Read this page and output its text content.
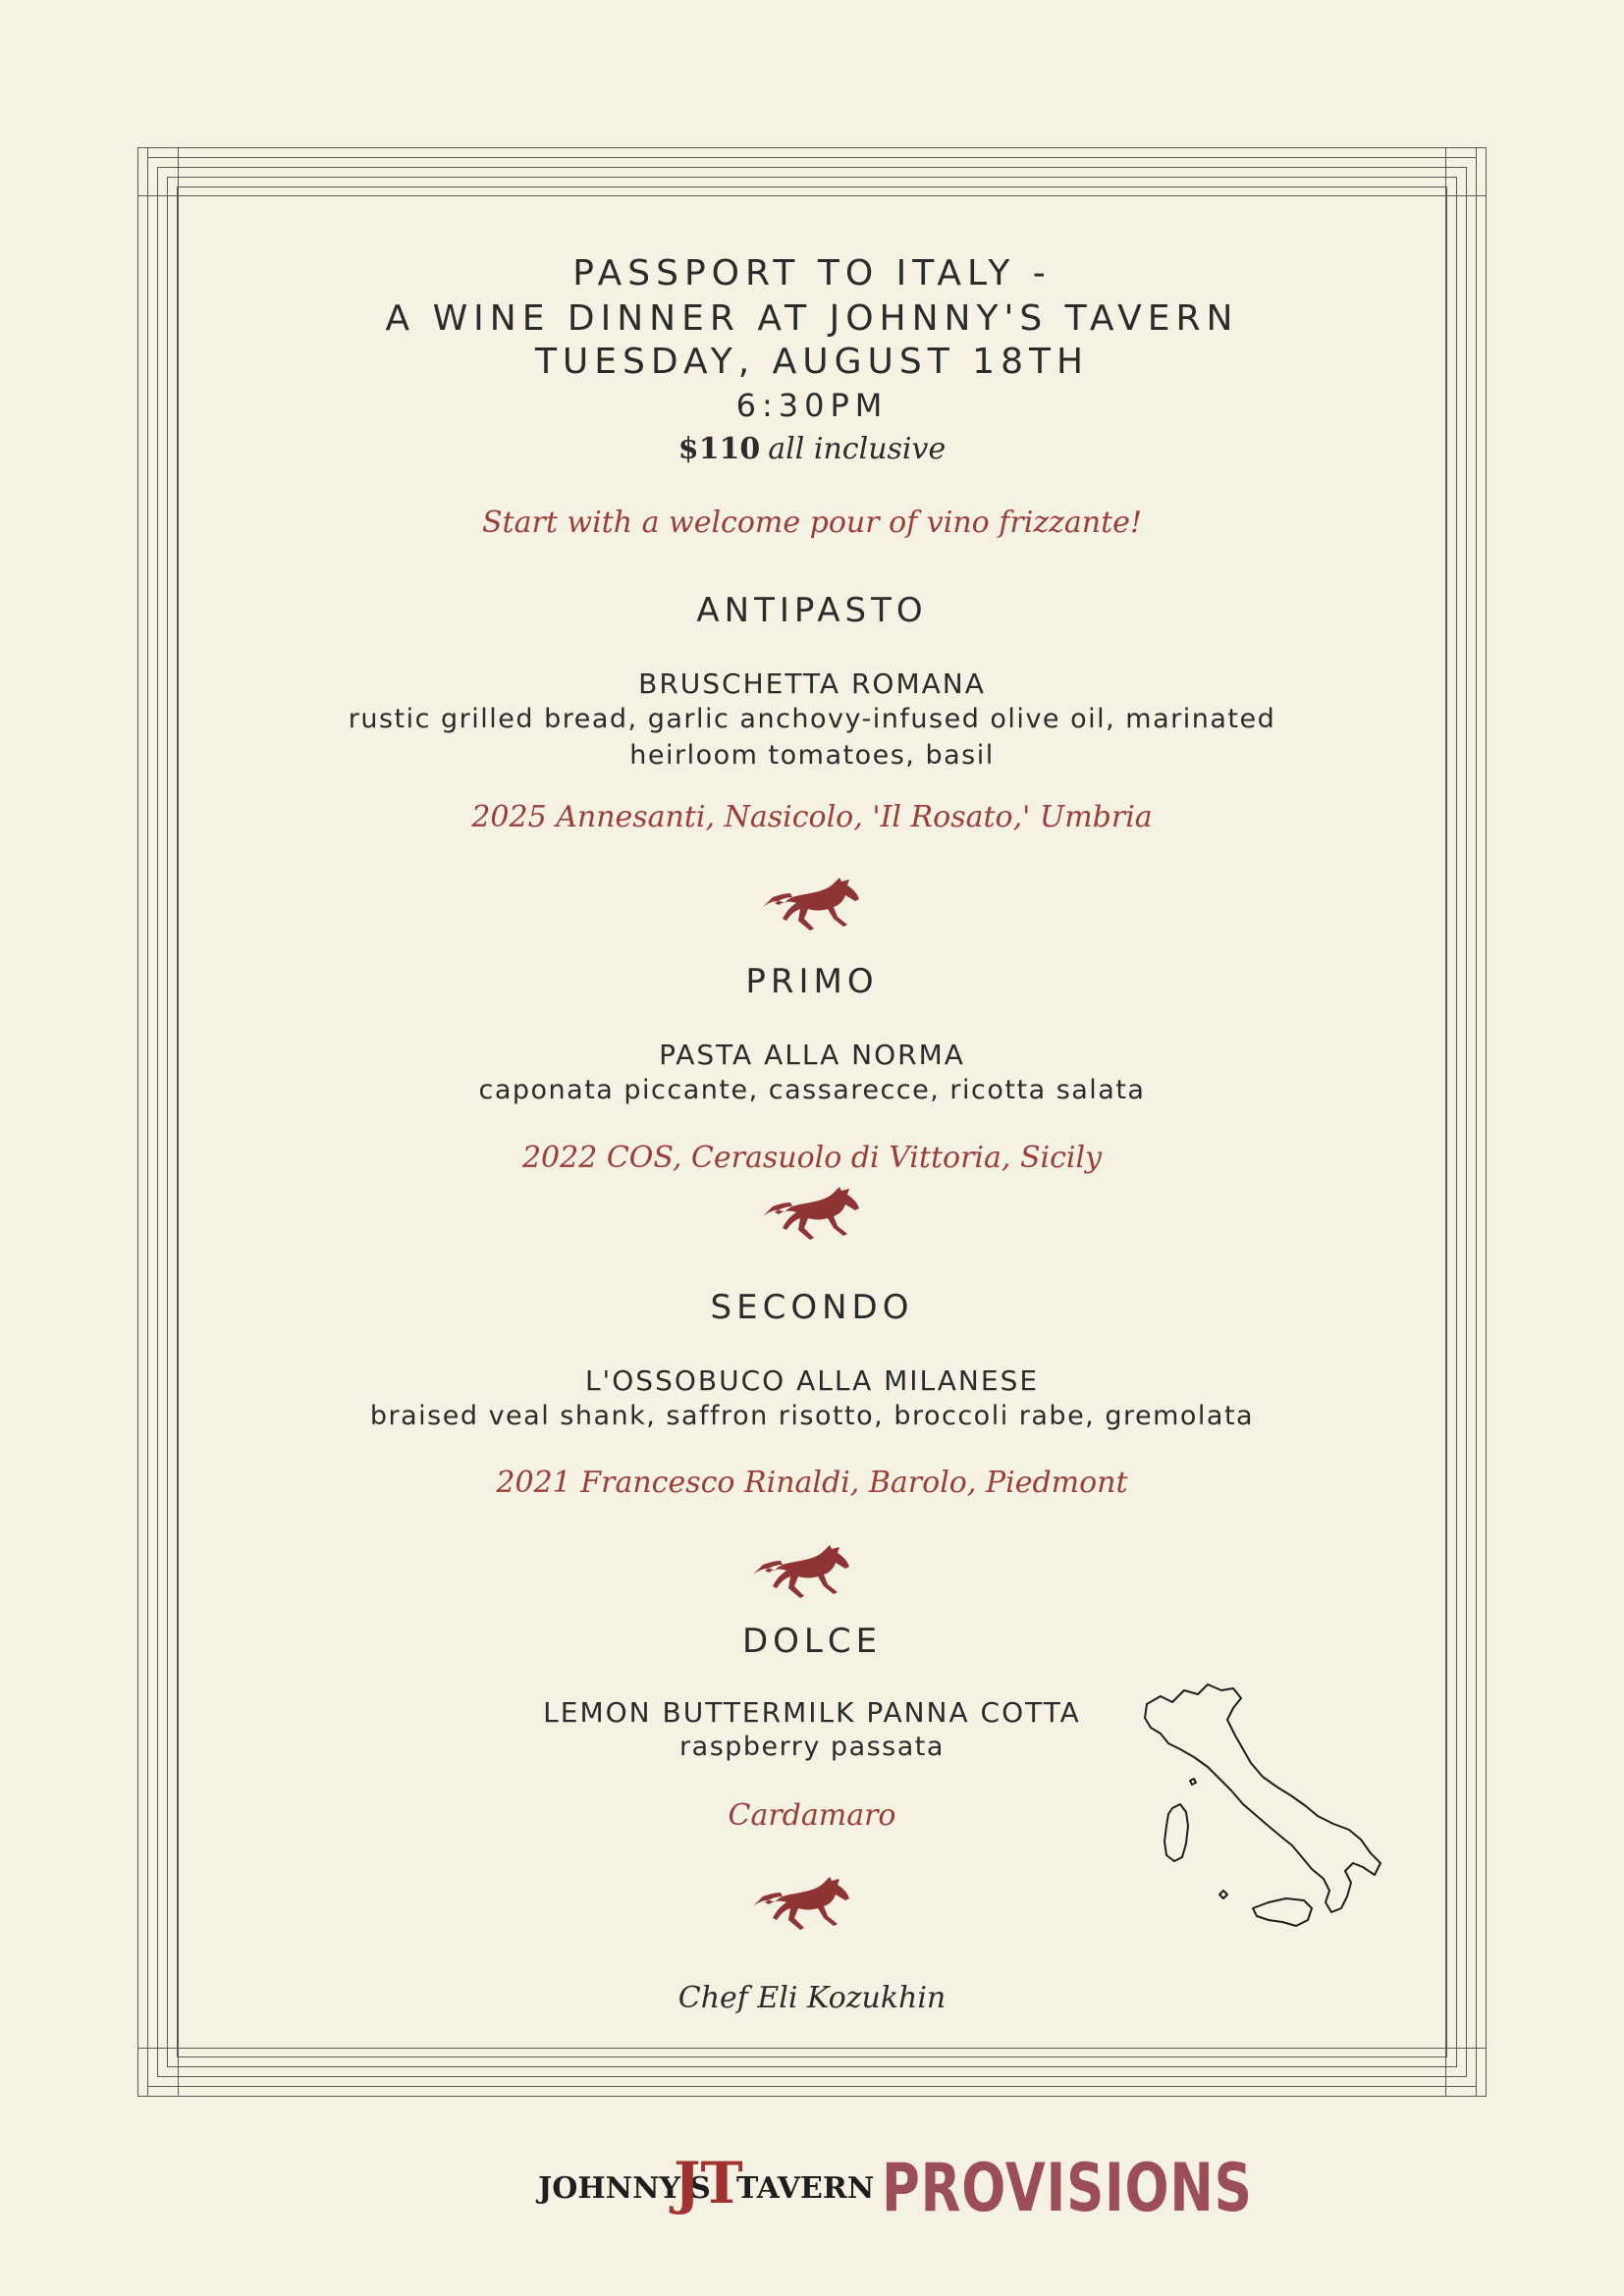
PASSPORT TO ITALY -
A WINE DINNER AT JOHNNY'S TAVERN
TUESDAY, AUGUST 18TH
6:30PM
$110 all inclusive
Start with a welcome pour of vino frizzante!
ANTIPASTO
BRUSCHETTA ROMANA
rustic grilled bread, garlic anchovy-infused olive oil, marinated
heirloom tomatoes, basil
2025 Annesanti, Nasicolo, 'Il Rosato,' Umbria
PRIMO
PASTA ALLA NORMA
caponata piccante, cassarecce, ricotta salata
2022 COS, Cerasuolo di Vittoria, Sicily
SECONDO
L'OSSOBUCO ALLA MILANESE
braised veal shank, saffron risotto, broccoli rabe, gremolata
2021 Francesco Rinaldi, Barolo, Piedmont
DOLCE
LEMON BUTTERMILK PANNA COTTA
raspberry passata
Cardamaro
Chef Eli Kozukhin
JOHNNY'S
JT
TAVERN PROVISIONS
